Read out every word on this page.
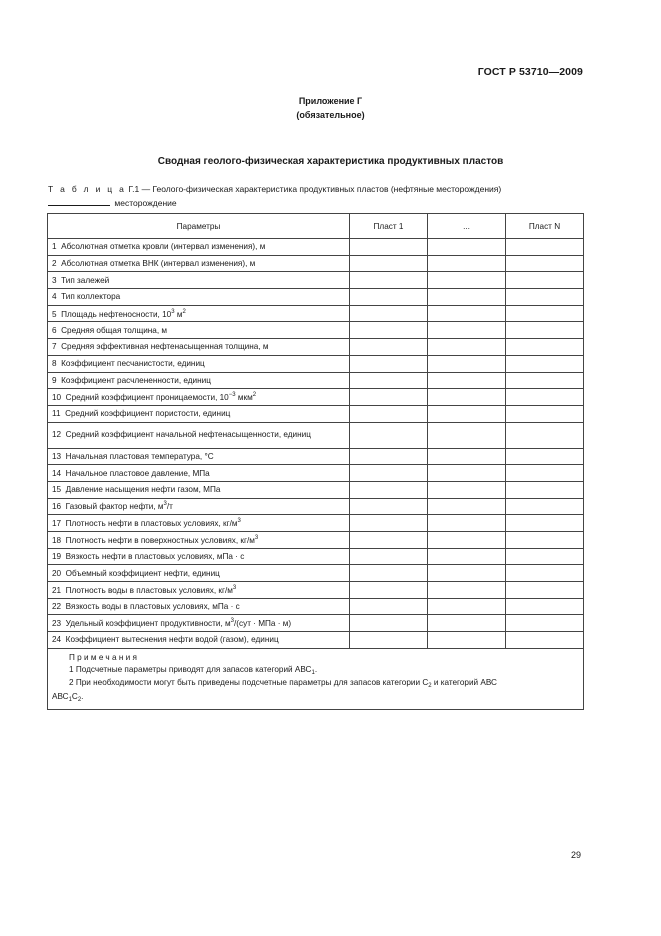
ГОСТ Р 53710—2009
Приложение Г
(обязательное)
Сводная геолого-физическая характеристика продуктивных пластов
Т а б л и ц а Г.1 — Геолого-физическая характеристика продуктивных пластов (нефтяные месторождения)
месторождение
Параметры	Пласт 1	...	Пласт N
1 Абсолютная отметка кровли (интервал изменения), м			
2 Абсолютная отметка ВНК (интервал изменения), м			
3 Тип залежей			
4 Тип коллектора			
5 Площадь нефтеносности, $10^3$ $м^2$			
6 Средняя общая толщина, м			
7 Средняя эффективная нефтенасыщенная толщина, м			
8 Коэффициент песчанистости, единиц			
9 Коэффициент расчлененности, единиц			
10 Средний коэффициент проницаемости, $10^{-3}$ мкм$^2$			
11 Средний коэффициент пористости, единиц			
12 Средний коэффициент начальной нефтенасыщенности, единиц			
13 Начальная пластовая температура, °С			
14 Начальное пластовое давление, МПа			
15 Давление насыщения нефти газом, МПа			
16 Газовый фактор нефти, $м^3/т$			
17 Плотность нефти в пластовых условиях, $кг/м^3$			
18 Плотность нефти в поверхностных условиях, $кг/м^3$			
19 Вязкость нефти в пластовых условиях, мПа · с			
20 Объемный коэффициент нефти, единиц			
21 Плотность воды в пластовых условиях, $кг/м^3$			
22 Вязкость воды в пластовых условиях, мПа · с			
23 Удельный коэффициент продуктивности, $м^3/(сут$ · МПа · м)			
24 Коэффициент вытеснения нефти водой (газом), единиц			

Примечания
1 Подсчетные параметры приводят для запасов категорий $АВС_1$.
2 При необходимости могут быть приведены подсчетные параметры для запасов категории $С_2$ и категорий АВС
$АВС_1С_2$.			
29
